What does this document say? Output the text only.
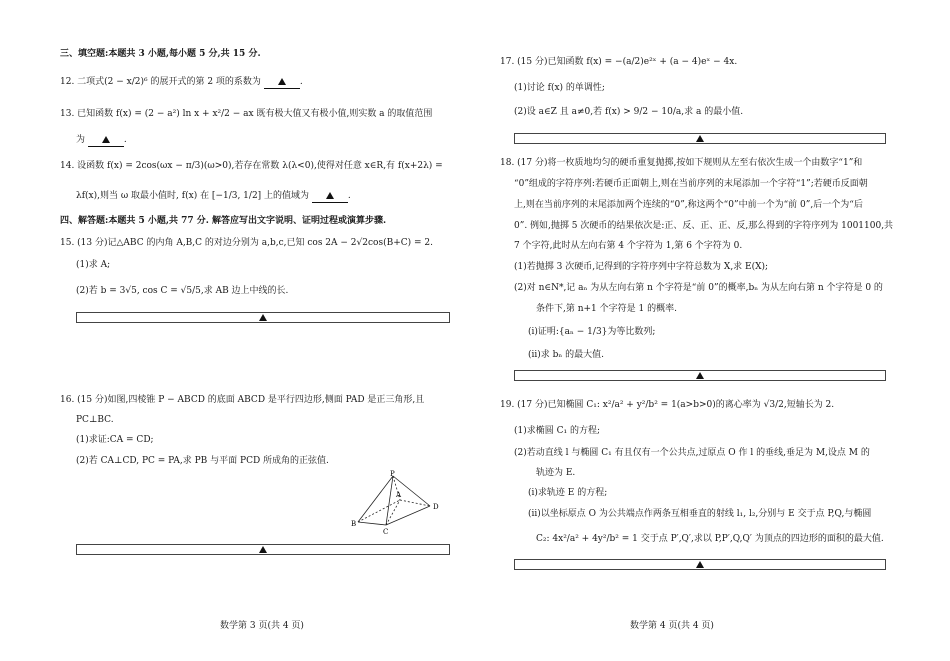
三、填空题:本题共 3 小题,每小题 5 分,共 15 分.
12. 二项式(2 − x/2)⁶ 的展开式的第 2 项的系数为	.
13. 已知函数 f(x) = (2 − a²) ln x + x²/2 − ax 既有极大值又有极小值,则实数 a 的取值范围
为	.
14. 设函数 f(x) = 2cos(ωx − π/3)(ω>0),若存在常数 λ(λ<0),使得对任意 x∈R,有 f(x+2λ) =
λf(x),则当 ω 取最小值时, f(x) 在 [−1/3, 1/2] 上的值域为	.
四、解答题:本题共 5 小题,共 77 分. 解答应写出文字说明、证明过程或演算步骤.
15. (13 分)记△ABC 的内角 A,B,C 的对边分别为 a,b,c,已知 cos 2A − 2√2cos(B+C) = 2.
(1)求 A;
(2)若 b = 3√5, cos C = √5/5,求 AB 边上中线的长.
16. (15 分)如图,四棱锥 P − ABCD 的底面 ABCD 是平行四边形,侧面 PAD 是正三角形,且
PC⊥BC.
(1)求证:CA = CD;
(2)若 CA⊥CD, PC = PA,求 PB 与平面 PCD 所成角的正弦值.
P
D
A
B
C
数学第 3 页(共 4 页)
17. (15 分)已知函数 f(x) = −(a/2)e²ˣ + (a − 4)eˣ − 4x.
(1)讨论 f(x) 的单调性;
(2)设 a∈Z 且 a≠0,若 f(x) > 9/2 − 10/a,求 a 的最小值.
18. (17 分)将一枚质地均匀的硬币重复抛掷,按如下规则从左至右依次生成一个由数字“1”和
“0”组成的字符序列:若硬币正面朝上,则在当前序列的末尾添加一个字符“1”;若硬币反面朝
上,则在当前序列的末尾添加两个连续的“0”,称这两个“0”中前一个为“前 0”,后一个为“后
0”. 例如,抛掷 5 次硬币的结果依次是:正、反、正、正、反,那么得到的字符序列为 1001100,共
7 个字符,此时从左向右第 4 个字符为 1,第 6 个字符为 0.
(1)若抛掷 3 次硬币,记得到的字符序列中字符总数为 X,求 E(X);
(2)对 n∈N*,记 aₙ 为从左向右第 n 个字符是“前 0”的概率,bₙ 为从左向右第 n 个字符是 0 的
条件下,第 n+1 个字符是 1 的概率.
(i)证明:{aₙ − 1/3}为等比数列;
(ii)求 bₙ 的最大值.
19. (17 分)已知椭圆 C₁: x²/a² + y²/b² = 1(a>b>0)的离心率为 √3/2,短轴长为 2.
(1)求椭圆 C₁ 的方程;
(2)若动直线 l 与椭圆 C₁ 有且仅有一个公共点,过原点 O 作 l 的垂线,垂足为 M,设点 M 的
轨迹为 E.
(i)求轨迹 E 的方程;
(ii)以坐标原点 O 为公共端点作两条互相垂直的射线 l₁, l₂,分别与 E 交于点 P,Q,与椭圆
C₂: 4x²/a² + 4y²/b² = 1 交于点 P′,Q′,求以 P,P′,Q,Q′ 为顶点的四边形的面积的最大值.
数学第 4 页(共 4 页)
